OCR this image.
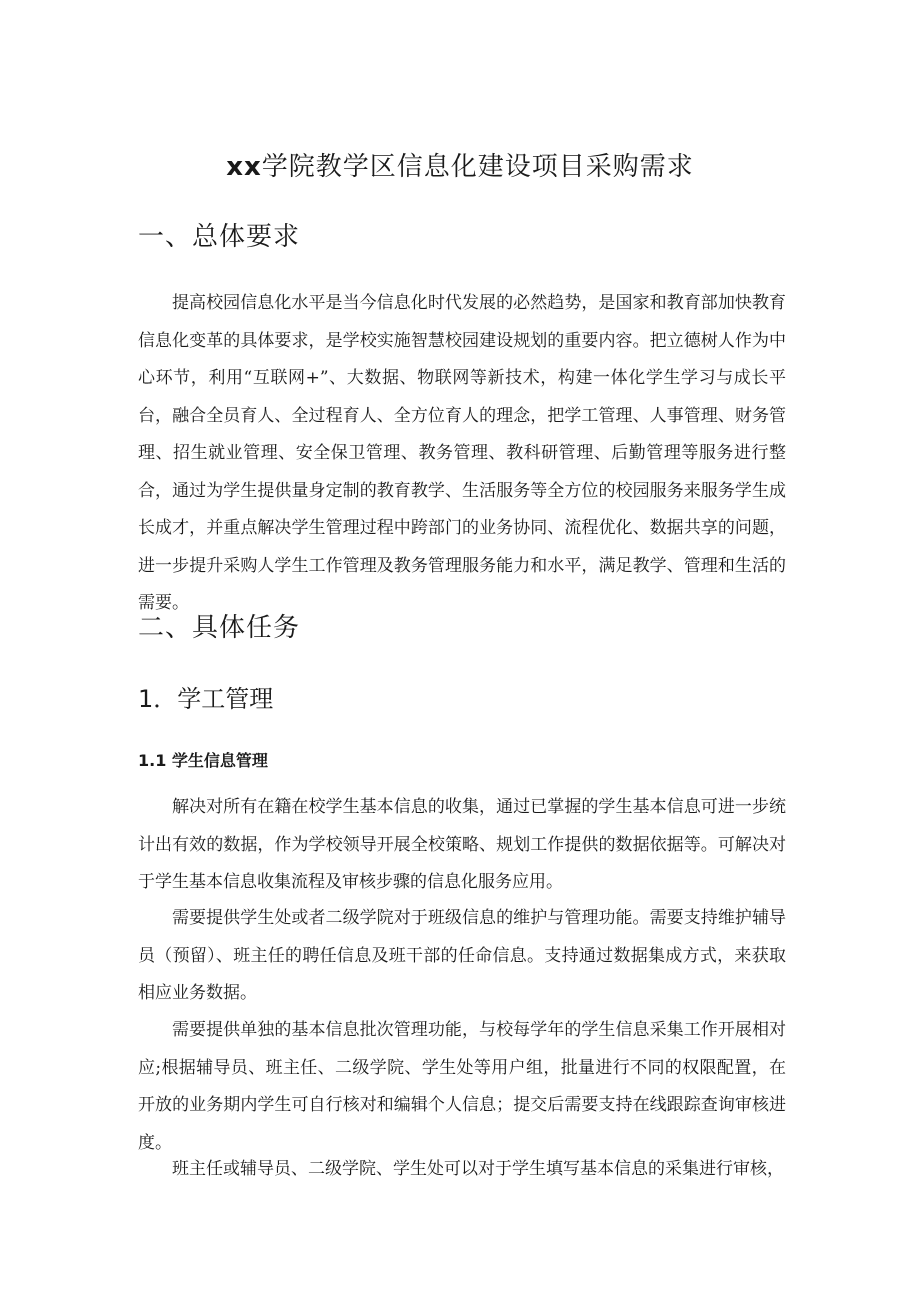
xx学院教学区信息化建设项目采购需求
一、总体要求

提高校园信息化水平是当今信息化时代发展的必然趋势，是国家和教育部加快教育信息化变革的具体要求，是学校实施智慧校园建设规划的重要内容。把立德树人作为中心环节，利用“互联网+”、大数据、物联网等新技术，构建一体化学生学习与成长平台，融合全员育人、全过程育人、全方位育人的理念，把学工管理、人事管理、财务管理、招生就业管理、安全保卫管理、教务管理、教科研管理、后勤管理等服务进行整合，通过为学生提供量身定制的教育教学、生活服务等全方位的校园服务来服务学生成长成才，并重点解决学生管理过程中跨部门的业务协同、流程优化、数据共享的问题，进一步提升采购人学生工作管理及教务管理服务能力和水平，满足教学、管理和生活的需要。

二、具体任务
1．学工管理
1.1 学生信息管理

解决对所有在籍在校学生基本信息的收集，通过已掌握的学生基本信息可进一步统计出有效的数据，作为学校领导开展全校策略、规划工作提供的数据依据等。可解决对于学生基本信息收集流程及审核步骤的信息化服务应用。

需要提供学生处或者二级学院对于班级信息的维护与管理功能。需要支持维护辅导员（预留）、班主任的聘任信息及班干部的任命信息。支持通过数据集成方式，来获取相应业务数据。

需要提供单独的基本信息批次管理功能，与校每学年的学生信息采集工作开展相对应;根据辅导员、班主任、二级学院、学生处等用户组，批量进行不同的权限配置，在开放的业务期内学生可自行核对和编辑个人信息；提交后需要支持在线跟踪查询审核进度。

班主任或辅导员、二级学院、学生处可以对于学生填写基本信息的采集进行审核，
